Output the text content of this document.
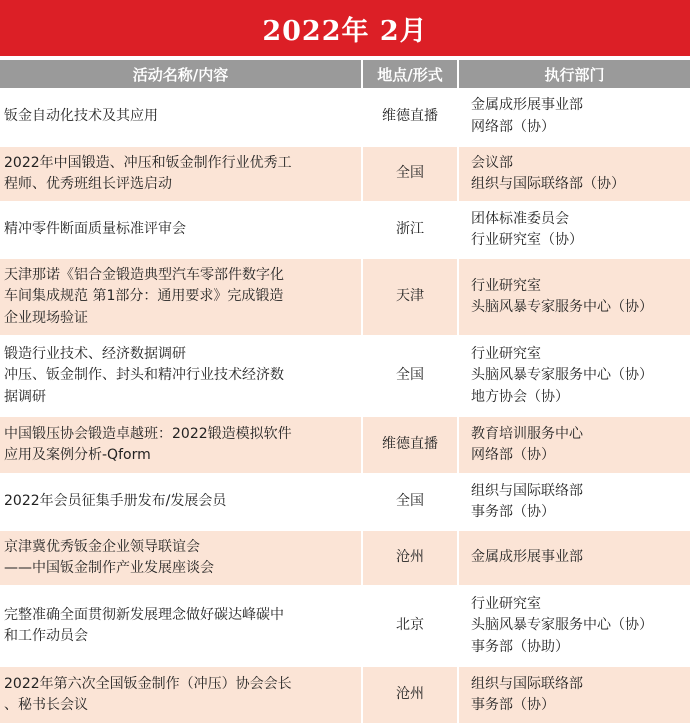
2022年 2月
活动名称/内容	地点/形式	执行部门

钣金自动化技术及其应用	维德直播	金属成形展事业部
网络部（协）

2022年中国锻造、冲压和钣金制作行业优秀工
程师、优秀班组长评选启动	全国	会议部
组织与国际联络部（协）

精冲零件断面质量标准评审会	浙江	团体标准委员会
行业研究室（协）

天津那诺《铝合金锻造典型汽车零部件数字化
车间集成规范 第1部分：通用要求》完成锻造
企业现场验证	天津	行业研究室
头脑风暴专家服务中心（协）

锻造行业技术、经济数据调研
冲压、钣金制作、封头和精冲行业技术经济数
据调研	全国	行业研究室
头脑风暴专家服务中心（协）
地方协会（协）

中国锻压协会锻造卓越班：2022锻造模拟软件
应用及案例分析-Qform	维德直播	教育培训服务中心
网络部（协）

2022年会员征集手册发布/发展会员	全国	组织与国际联络部
事务部（协）

京津冀优秀钣金企业领导联谊会
——中国钣金制作产业发展座谈会	沧州	金属成形展事业部

完整准确全面贯彻新发展理念做好碳达峰碳中
和工作动员会	北京	行业研究室
头脑风暴专家服务中心（协）
事务部（协助）

2022年第六次全国钣金制作（冲压）协会会长
、秘书长会议	沧州	组织与国际联络部
事务部（协）
